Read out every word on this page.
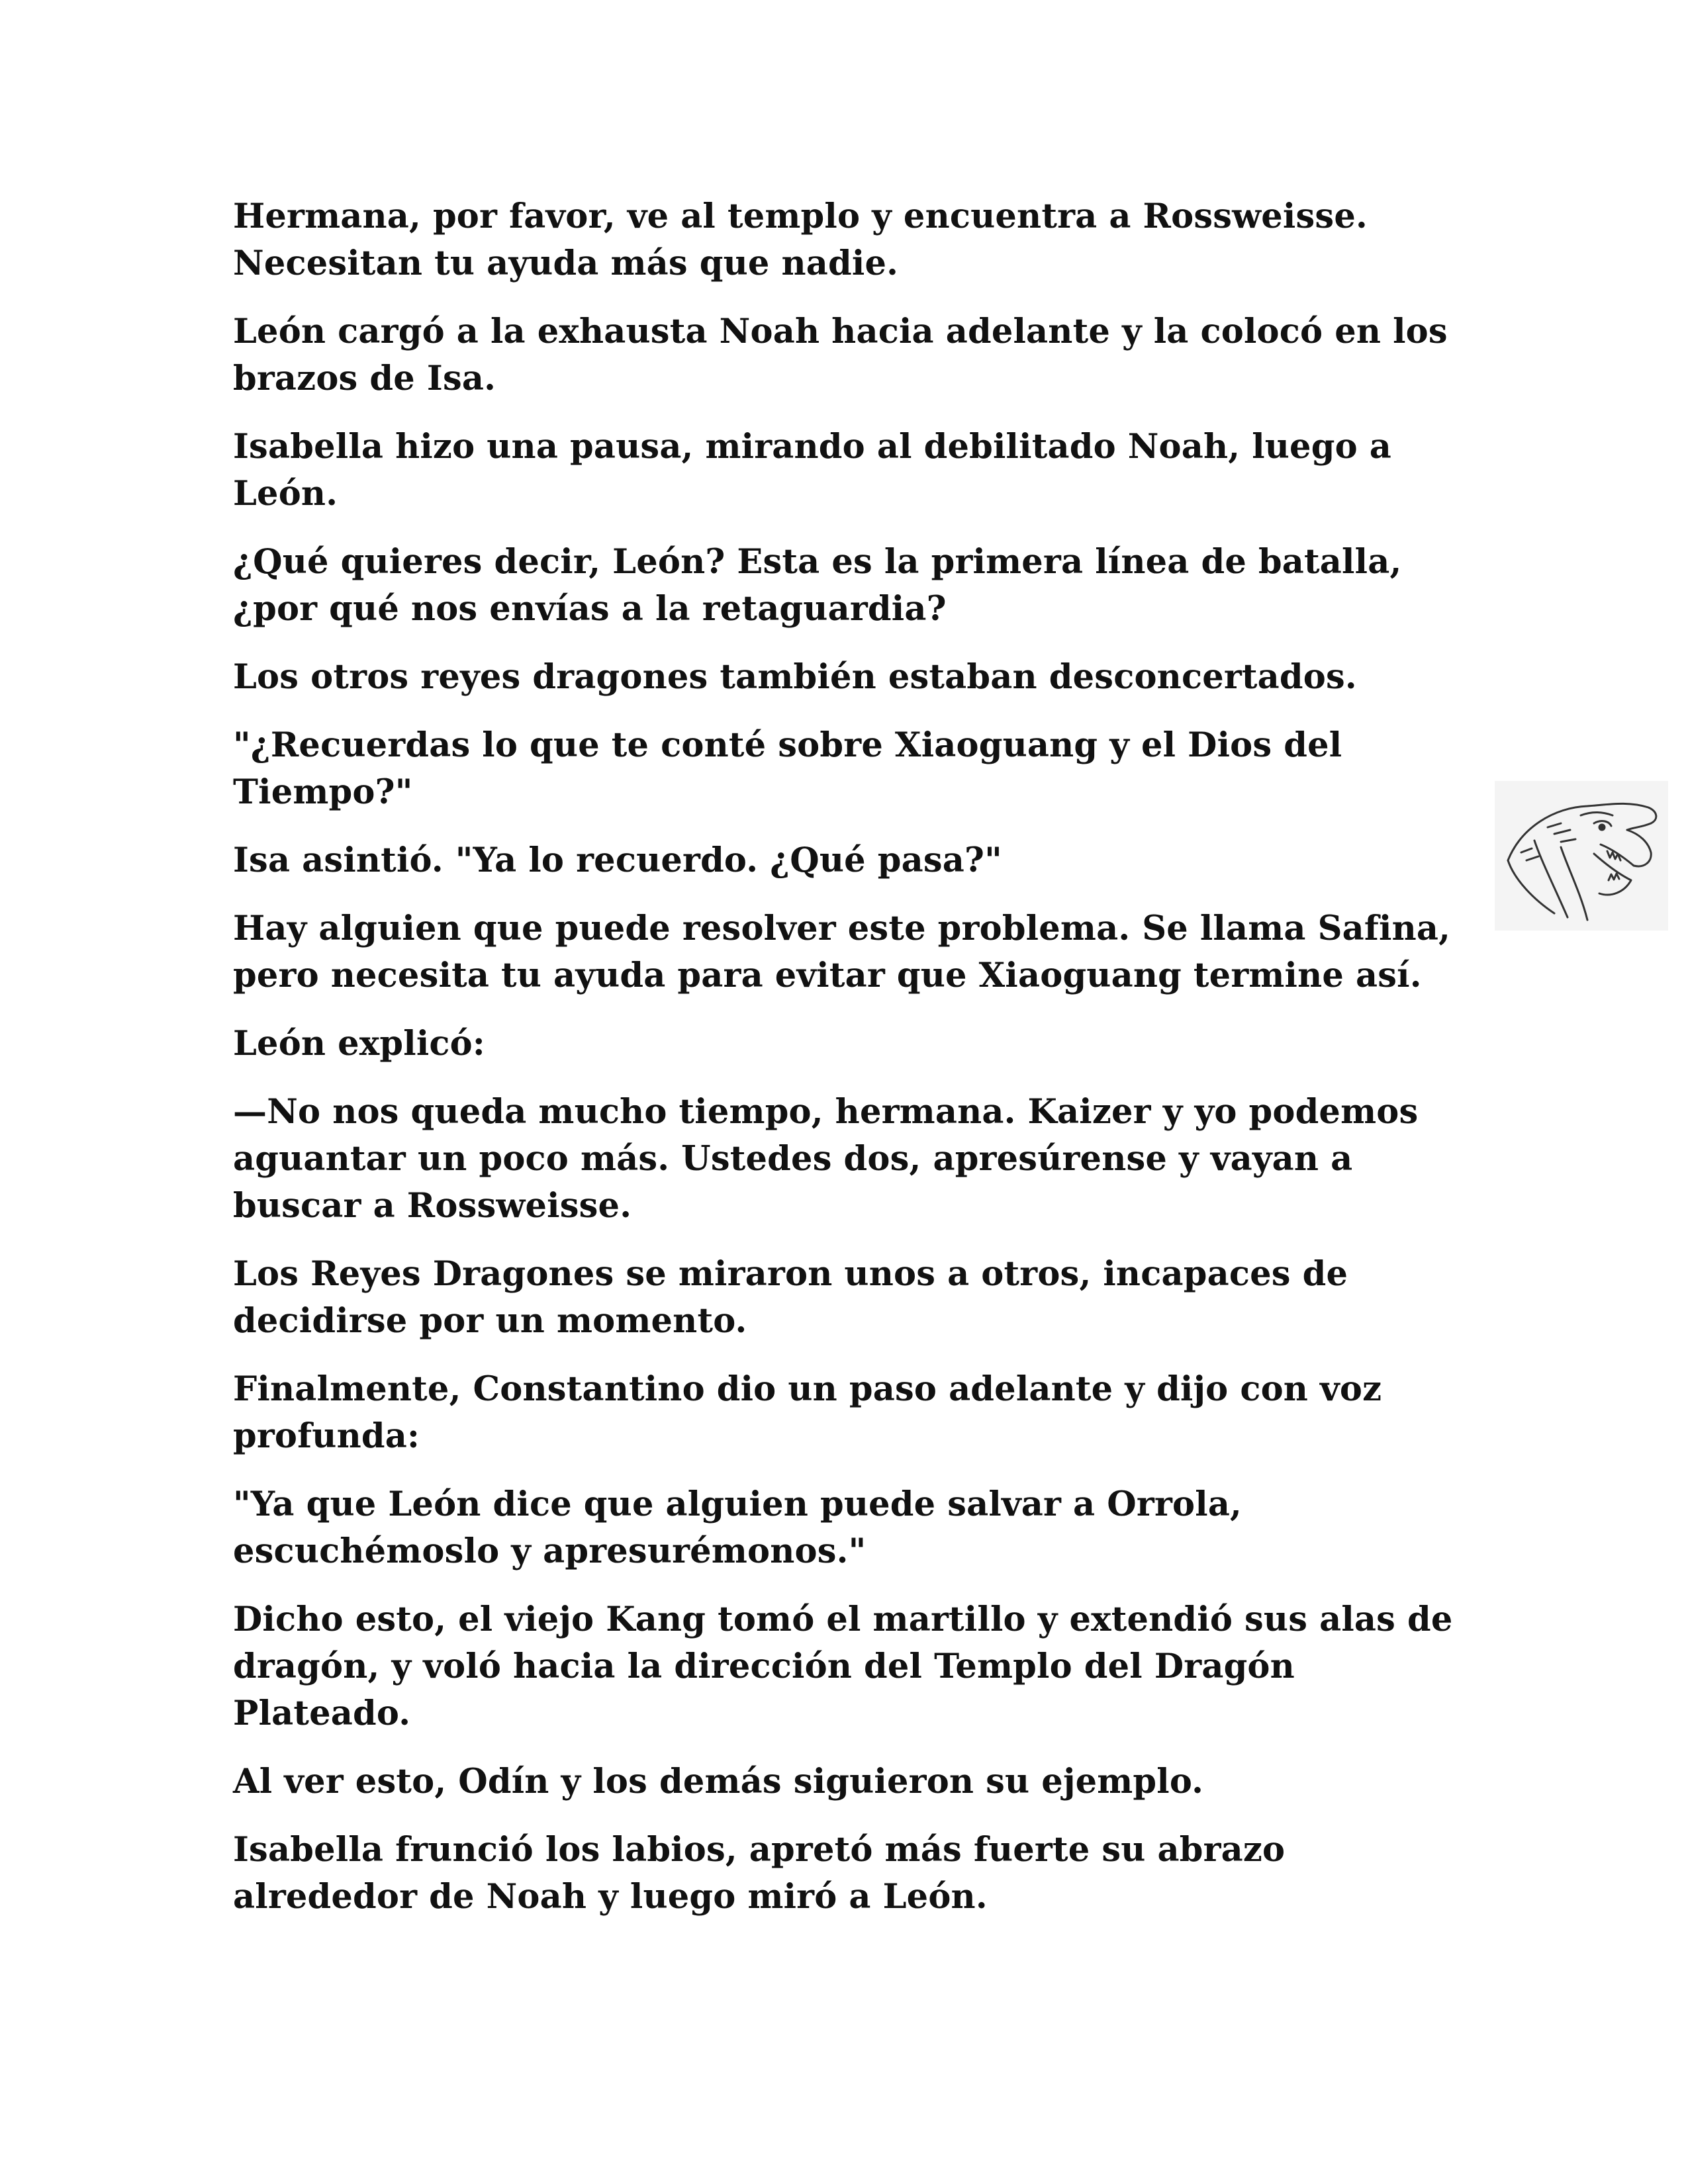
Hermana, por favor, ve al templo y encuentra a Rossweisse. Necesitan tu ayuda más que nadie.

León cargó a la exhausta Noah hacia adelante y la colocó en los brazos de Isa.

Isabella hizo una pausa, mirando al debilitado Noah, luego a León.

¿Qué quieres decir, León? Esta es la primera línea de batalla, ¿por qué nos envías a la retaguardia?

Los otros reyes dragones también estaban desconcertados.

"¿Recuerdas lo que te conté sobre Xiaoguang y el Dios del Tiempo?"

Isa asintió. "Ya lo recuerdo. ¿Qué pasa?"

Hay alguien que puede resolver este problema. Se llama Safina, pero necesita tu ayuda para evitar que Xiaoguang termine así.

León explicó:

—No nos queda mucho tiempo, hermana. Kaizer y yo podemos aguantar un poco más. Ustedes dos, apresúrense y vayan a buscar a Rossweisse.

Los Reyes Dragones se miraron unos a otros, incapaces de decidirse por un momento.

Finalmente, Constantino dio un paso adelante y dijo con voz profunda:

"Ya que León dice que alguien puede salvar a Orrola, escuchémoslo y apresurémonos."

Dicho esto, el viejo Kang tomó el martillo y extendió sus alas de dragón, y voló hacia la dirección del Templo del Dragón Plateado.

Al ver esto, Odín y los demás siguieron su ejemplo.

Isabella frunció los labios, apretó más fuerte su abrazo alrededor de Noah y luego miró a León.
